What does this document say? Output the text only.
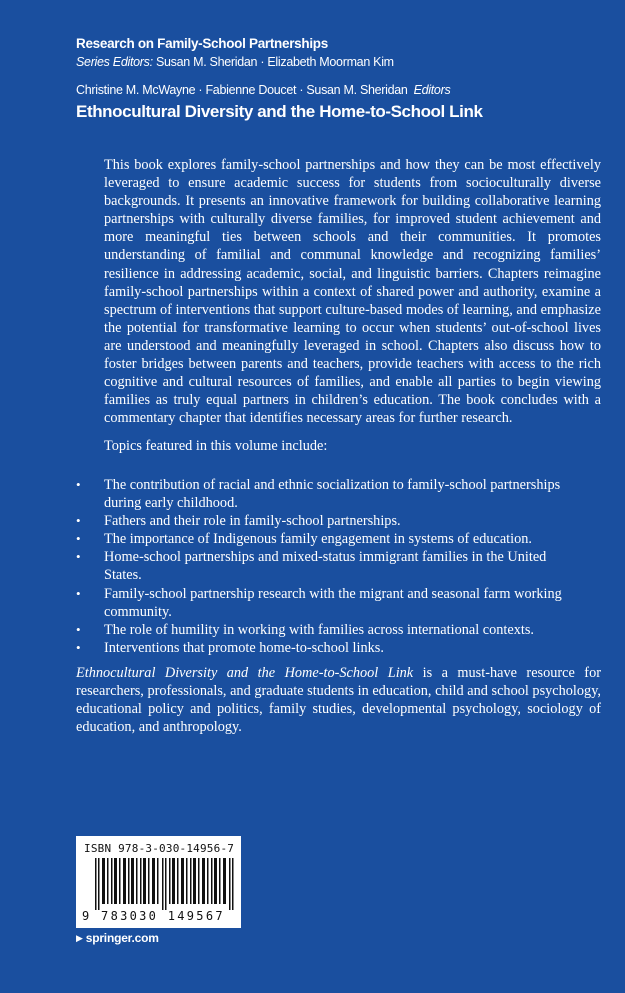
Research on Family-School Partnerships
Series Editors: Susan M. Sheridan · Elizabeth Moorman Kim
Christine M. McWayne · Fabienne Doucet · Susan M. Sheridan Editors
Ethnocultural Diversity and the Home-to-School Link

This book explores family-school partnerships and how they can be most effectively leveraged to ensure academic success for students from socioculturally diverse backgrounds. It presents an innovative framework for building collaborative learning partnerships with culturally diverse families, for improved student achievement and more meaningful ties between schools and their communities. It promotes understanding of familial and communal knowledge and recognizing families’ resilience in addressing academic, social, and linguistic barriers. Chapters reimagine family-school partnerships within a context of shared power and authority, examine a spectrum of interventions that support culture-based modes of learning, and emphasize the potential for transformative learning to occur when students’ out-of-school lives are understood and meaningfully leveraged in school. Chapters also discuss how to foster bridges between parents and teachers, provide teachers with access to the rich cognitive and cultural resources of families, and enable all parties to begin viewing families as truly equal partners in children’s education. The book concludes with a commentary chapter that identifies necessary areas for further research.

Topics featured in this volume include:

• The contribution of racial and ethnic socialization to family-school partnerships during early childhood.
• Fathers and their role in family-school partnerships.
• The importance of Indigenous family engagement in systems of education.
• Home-school partnerships and mixed-status immigrant families in the United States.
• Family-school partnership research with the migrant and seasonal farm working community.
• The role of humility in working with families across international contexts.
• Interventions that promote home-to-school links.

Ethnocultural Diversity and the Home-to-School Link is a must-have resource for researchers, professionals, and graduate students in education, child and school psychology, educational policy and politics, family studies, developmental psychology, sociology of education, and anthropology.

ISBN 978-3-030-14956-7
9 783030 149567
▶ springer.com
